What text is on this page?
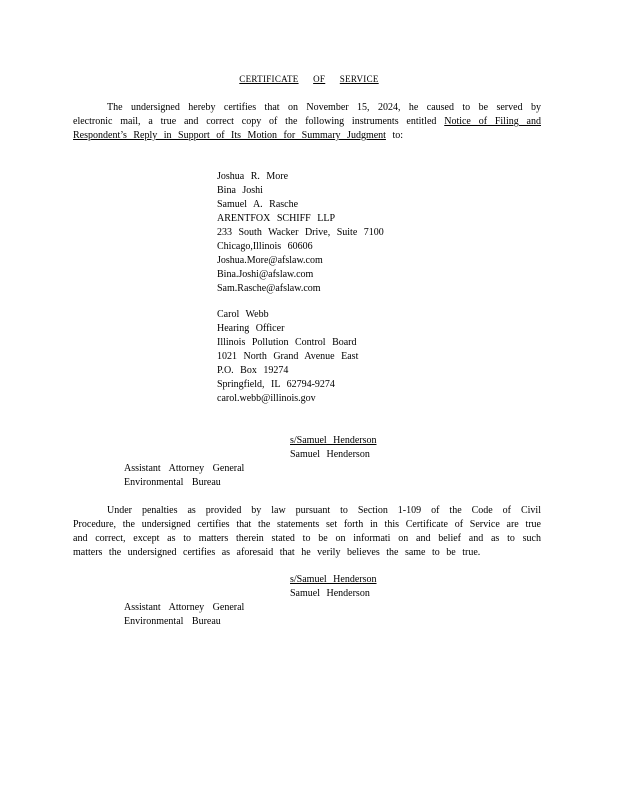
CERTIFICATE OF SERVICE
The undersigned hereby certifies that on November 15, 2024, he caused to be served by electronic mail, a true and correct copy of the following instruments entitled Notice of Filing and Respondent’s Reply in Support of Its Motion for Summary Judgment to:
Joshua R. More
Bina Joshi
Samuel A. Rasche
ARENTFOX SCHIFF LLP
233 South Wacker Drive, Suite 7100
Chicago,Illinois 60606
Joshua.More@afslaw.com
Bina.Joshi@afslaw.com
Sam.Rasche@afslaw.com
Carol Webb
Hearing Officer
Illinois Pollution Control Board
1021 North Grand Avenue East
P.O. Box 19274
Springfield, IL 62794-9274
carol.webb@illinois.gov
s/Samuel Henderson
Samuel Henderson
Assistant Attorney General
Environmental Bureau
Under penalties as provided by law pursuant to Section 1-109 of the Code of Civil Procedure, the undersigned certifies that the statements set forth in this Certificate of Service are true and correct, except as to matters therein stated to be on informati on and belief and as to such matters the undersigned certifies as aforesaid that he verily believes the same to be true.
s/Samuel Henderson
Samuel Henderson
Assistant Attorney General
Environmental Bureau
